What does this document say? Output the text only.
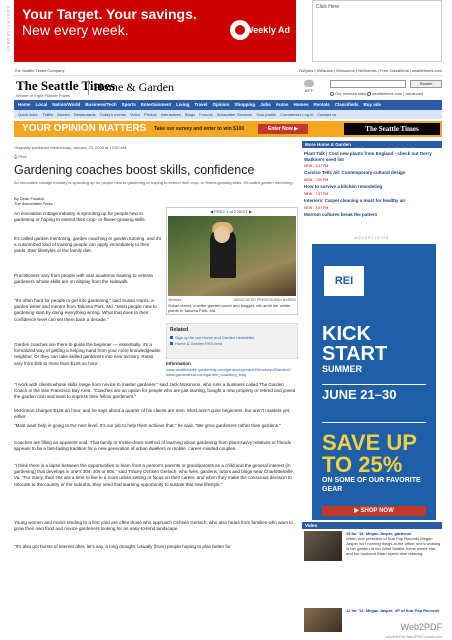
ADVERTISEMENT Your Target. Your savings.
New every week.	Weekly Ad
Click Here
The Seattle Times Company	NWjobs | NWautos | NWsource | NWhomes | Free Classifieds | seattletimes.com
The Seattle Times
Winner of Eight Pulitzer Prizes
Home & Garden	50°F
Search
Our network sites seattletimes.com | Advanced
Home Local Nation/World Business/Tech Sports Entertainment Living Travel Opinion Shopping Jobs Autos Homes Rentals Classifieds Buy ads
Quick links: Traffic Movies Restaurants Today's events Video Photos Interactives Blogs Forums Subscriber Services Your profile Commenter Log in Contact us
YOUR OPINION MATTERS Take our survey and enter to win $100	Enter Now ▶	The Seattle Times
Originally published Wednesday, January 23, 2008 at 12:00 AM
⎙ Print
Gardening coaches boost skills, confidence
An innovative cottage industry is sprouting up for people new to gardening or hoping to extend their crop- or flower-growing skills. It's called garden mentoring.
By Dean Fosdick
The Associated Press
An innovative cottage industry is sprouting up for people new to gardening or hoping to extend their crop- or flower-growing skills.
It's called garden mentoring, garden coaching or garden tutoring, and it's a customized kind of training people can apply immediately to their yards, their lifestyles or the family diet.
Practitioners vary from people with vast academic training to veteran gardeners whose skills are on display from the sidewalk.
"It's often hard for people to get into gardening," said Susan Harris, a garden writer and mentor from Takoma Park, Md. "Most people new to gardening start by doing everything wrong. What that does to their confidence level can set them back a decade."
Garden coaches are there to guide the beginner — essentially, it's a formalized way of getting a helping hand from your more knowledgeable neighbor. Or they can take skilled gardeners into new territory. Rates vary from $35 to more than $125 an hour.
"I work with clients whose skills range from novice to master gardener," said Jack McKinnon, who runs a business called The Garden Coach in the San Francisco Bay Area. "Coaches are an option for people who are just starting, bought a new property or retired and joined the garden club and want to impress their fellow gardeners."
McKinnon charges $125 an hour, and he says about a quarter of his clients are men. Most aren't quite beginners, but aren't masters yet, either.
"Most want help in going to the next level. It's our job to help them achieve that," he said. "We grow gardeners rather than gardens."
Coaches are filling an apparent void. That family or trickle-down method of learning about gardening from plant-savvy relatives or friends appears to be a fast-fading tradition for a new generation of urban dwellers or mobile, career-minded couples.
"I think there is a lapse between the opportunities to learn from a person's parents or grandparents as a child and the general interest (in gardening) that develops in one's 30s, 40s or 50s," said Tracey Ochsen Gerlach, who lives, gardens, tutors and blogs near Charlottesville, Va. "For many, their 20s are a time to live in a more urban setting or focus on their career, and when they make the conscious decision to relocate to the country or the suburbs, they need that learning opportunity to sustain that new lifestyle."
Young women and moms tending to a first yard are often those who approach Ochsen Gerlach, who also hears from families who want to grow their own food and novice gardeners looking for an easy-to-tend landscape.
"It's also got bursts of interest after, let's say, a long drought. Usually (from) people hoping to plan better for
◀ PREV 1 of 2 NEXT ▶
@media	ASSOCIATED PRESS/SUSAN HARRIS
Susan Harris, a writer garden coach and blogger, sits amid her winter plants in Takoma Park, Md.
Related
Sign up for our Home and Garden newsletter
Home & Garden RSS feed
Information
www.seattlebloke-gardening.com/gardeningcoach/DirectoryofGardenC
www.gardentreat.com/garden_coaching_blog
More Home & Garden
Plant Talk | Cool new plants from England - check out Dorry Watkins's seed list
NEW - 1:57 PM
Carolco Tells All: Contemporary cultural design
NEW - 7:00 PM
How to survive a kitchen remodeling
NEW - 7:57 PM
Interiors: Carpet cleaning a must for healthy air
NEW - 7:57 PM
Morrom cultures break the pattern
ADVERTISING
REI
KICK START
SUMMER
JUNE 21–30
SAVE UP TO 25%
ON SOME OF OUR FAVORITE GEAR
▶ SHOP NOW
Video
15 for '15: Megan Jasper, gardener
When vice president of Sub Pop Records Megan Jasper isn't running things at the office, she's working in her garden at her West Seattle home where she and her husband Brian spend time relaxing.
12 for '12: Megan Jasper, VP of Sub Pop Records
Web2PDF
converted by Web2PDFConvert.com
